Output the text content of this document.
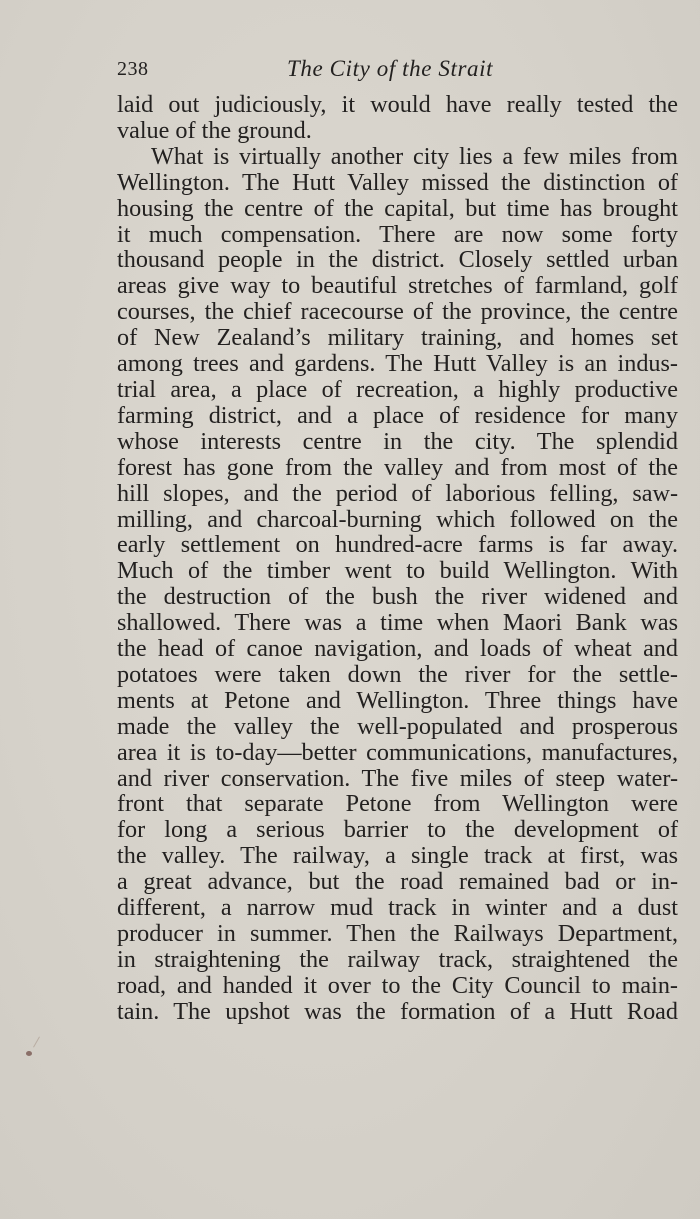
238	The City of the Strait
laid out judiciously, it would have really tested the
value of the ground.
What is virtually another city lies a few miles from
Wellington. The Hutt Valley missed the distinction of
housing the centre of the capital, but time has brought
it much compensation. There are now some forty
thousand people in the district. Closely settled urban
areas give way to beautiful stretches of farmland, golf
courses, the chief racecourse of the province, the centre
of New Zealand’s military training, and homes set
among trees and gardens. The Hutt Valley is an indus-
trial area, a place of recreation, a highly productive
farming district, and a place of residence for many
whose interests centre in the city. The splendid
forest has gone from the valley and from most of the
hill slopes, and the period of laborious felling, saw-
milling, and charcoal-burning which followed on the
early settlement on hundred-acre farms is far away.
Much of the timber went to build Wellington. With
the destruction of the bush the river widened and
shallowed. There was a time when Maori Bank was
the head of canoe navigation, and loads of wheat and
potatoes were taken down the river for the settle-
ments at Petone and Wellington. Three things have
made the valley the well-populated and prosperous
area it is to-day—better communications, manufactures,
and river conservation. The five miles of steep water-
front that separate Petone from Wellington were
for long a serious barrier to the development of
the valley. The railway, a single track at first, was
a great advance, but the road remained bad or in-
different, a narrow mud track in winter and a dust
producer in summer. Then the Railways Department,
in straightening the railway track, straightened the
road, and handed it over to the City Council to main-
tain. The upshot was the formation of a Hutt Road
